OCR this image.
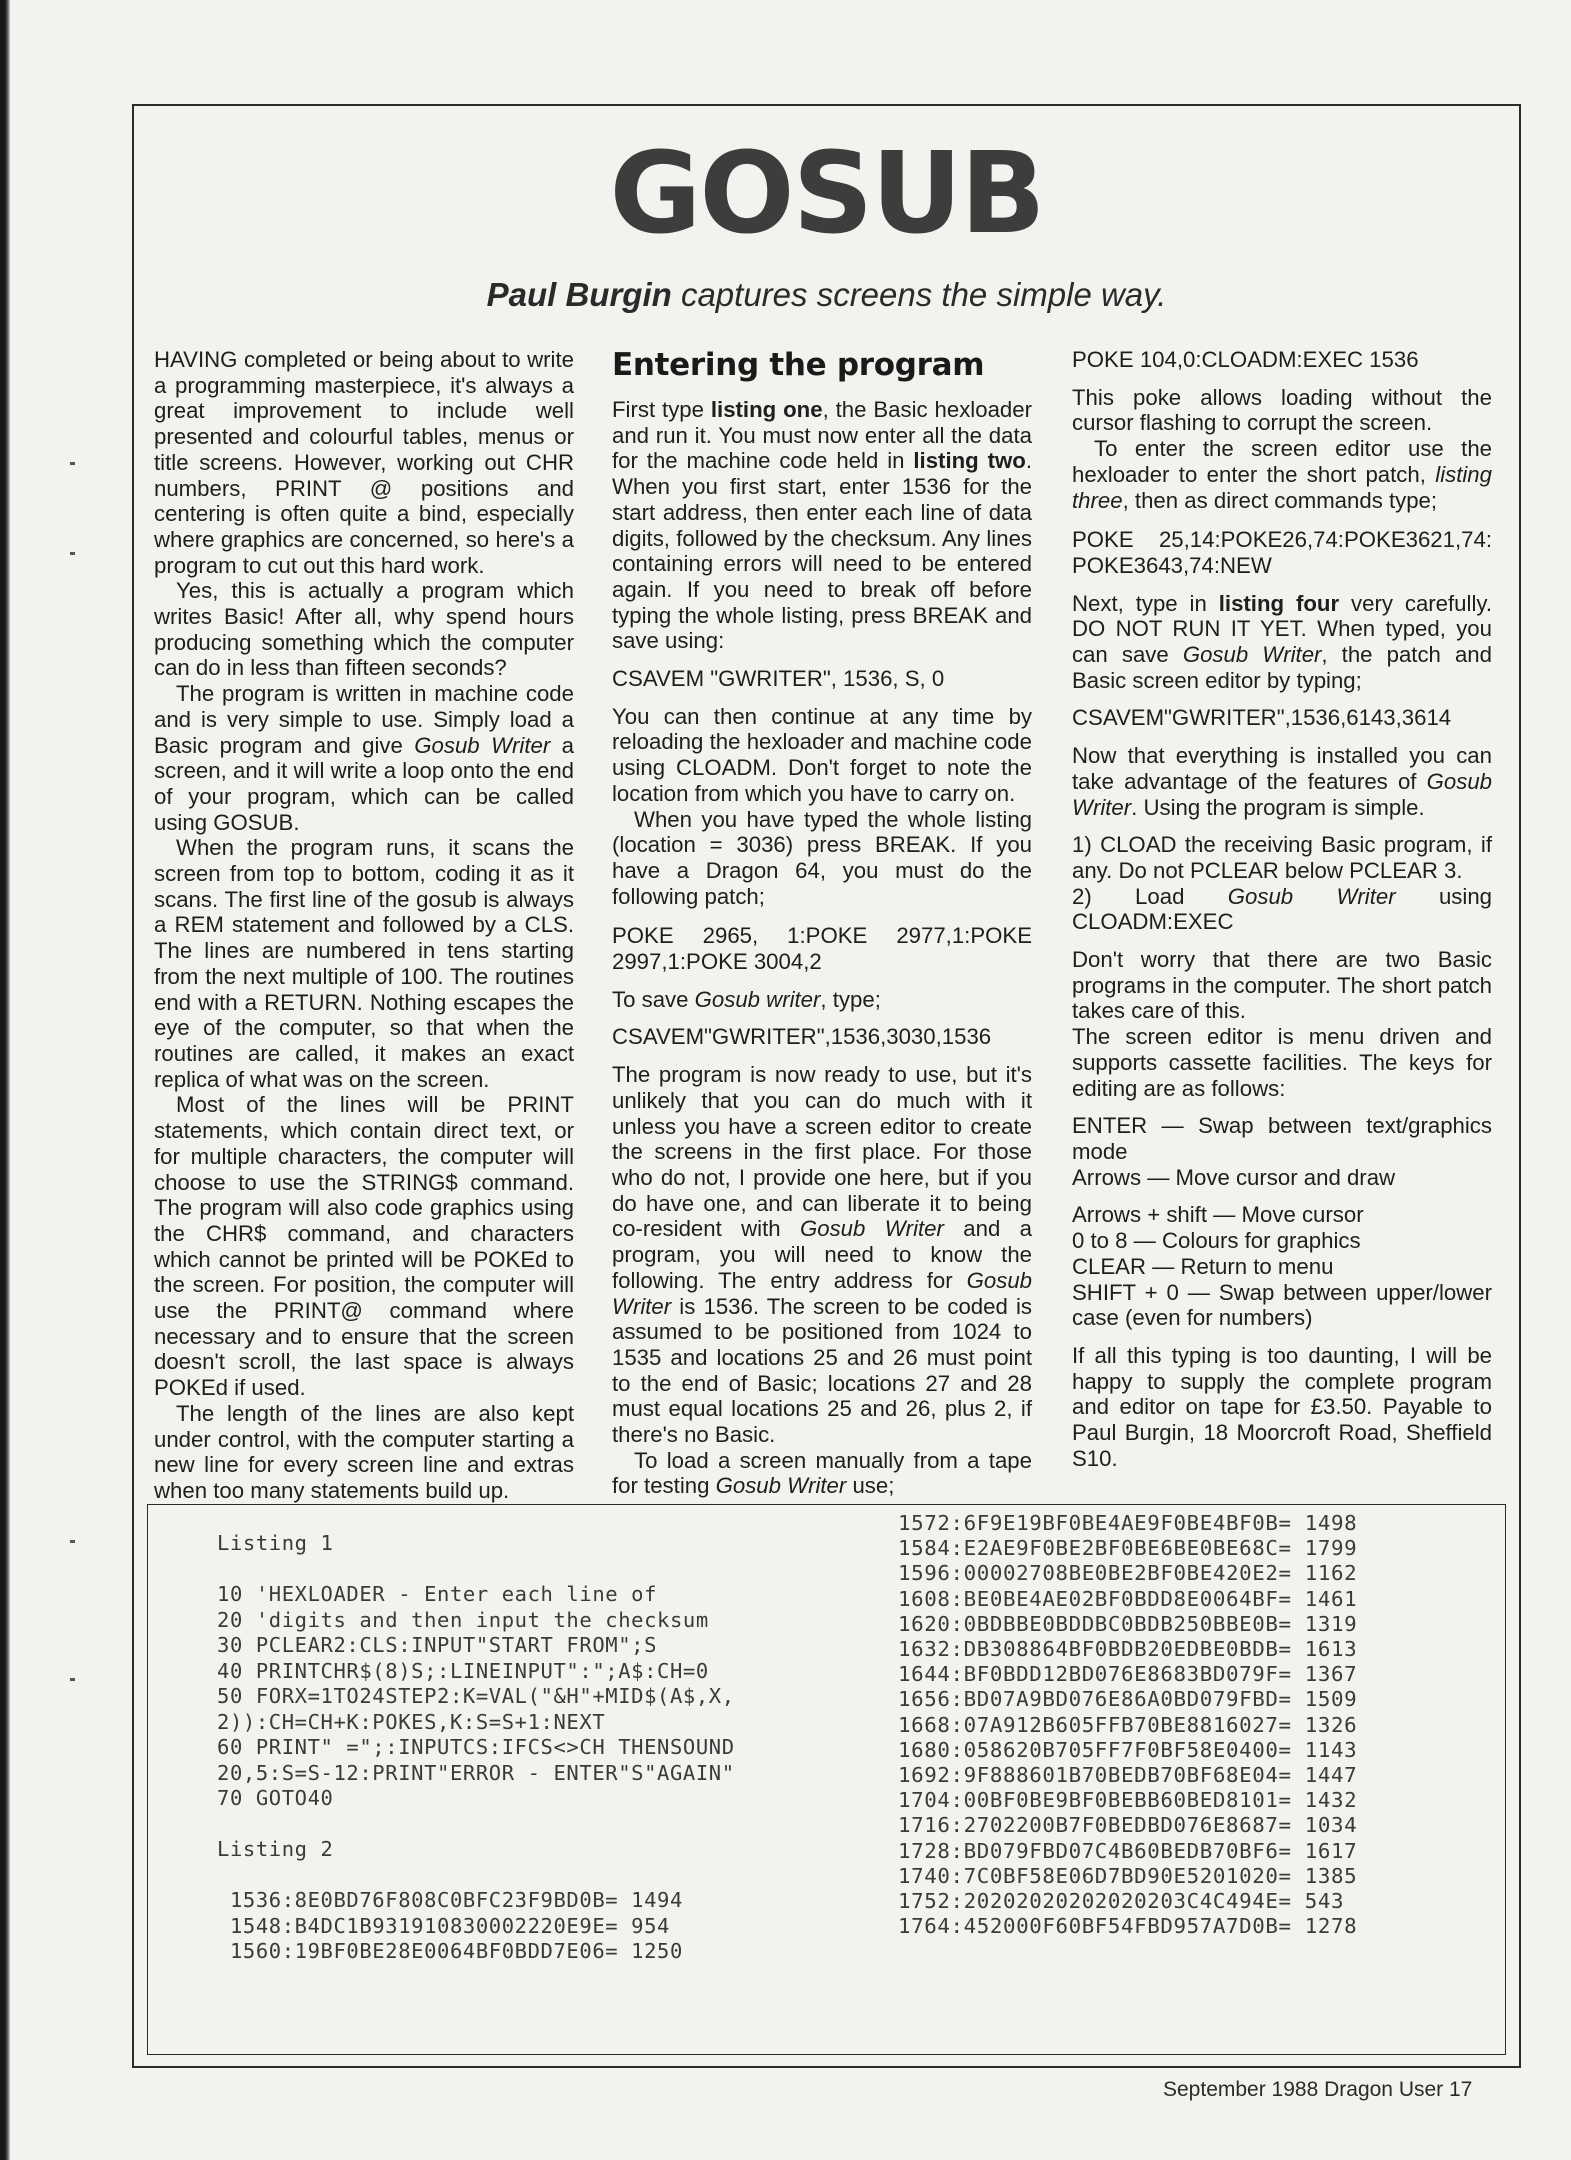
GOSUB
Paul Burgin captures screens the simple way.

HAVING completed or being about to write a programming masterpiece, it's always a great improvement to include well presented and colourful tables, menus or title screens. However, working out CHR numbers, PRINT @ positions and centering is often quite a bind, especially where graphics are concerned, so here's a program to cut out this hard work.

Yes, this is actually a program which writes Basic! After all, why spend hours producing something which the computer can do in less than fifteen seconds?

The program is written in machine code and is very simple to use. Simply load a Basic program and give Gosub Writer a screen, and it will write a loop onto the end of your program, which can be called using GOSUB.

When the program runs, it scans the screen from top to bottom, coding it as it scans. The first line of the gosub is always a REM statement and followed by a CLS. The lines are numbered in tens starting from the next multiple of 100. The routines end with a RETURN. Nothing escapes the eye of the computer, so that when the routines are called, it makes an exact replica of what was on the screen.

Most of the lines will be PRINT statements, which contain direct text, or for multiple characters, the computer will choose to use the STRING$ command. The program will also code graphics using the CHR$ command, and characters which cannot be printed will be POKEd to the screen. For position, the computer will use the PRINT@ command where necessary and to ensure that the screen doesn't scroll, the last space is always POKEd if used.

The length of the lines are also kept under control, with the computer starting a new line for every screen line and extras when too many statements build up.

Entering the program

First type listing one, the Basic hexloader and run it. You must now enter all the data for the machine code held in listing two. When you first start, enter 1536 for the start address, then enter each line of data digits, followed by the checksum. Any lines containing errors will need to be entered again. If you need to break off before typing the whole listing, press BREAK and save using:

CSAVEM "GWRITER", 1536, S, 0

You can then continue at any time by reloading the hexloader and machine code using CLOADM. Don't forget to note the location from which you have to carry on.

When you have typed the whole listing (location = 3036) press BREAK. If you have a Dragon 64, you must do the following patch;

POKE 2965, 1:POKE 2977,1:POKE 2997,1:POKE 3004,2

To save Gosub writer, type;

CSAVEM"GWRITER",1536,3030,1536

The program is now ready to use, but it's unlikely that you can do much with it unless you have a screen editor to create the screens in the first place. For those who do not, I provide one here, but if you do have one, and can liberate it to being co-resident with Gosub Writer and a program, you will need to know the following. The entry address for Gosub Writer is 1536. The screen to be coded is assumed to be positioned from 1024 to 1535 and locations 25 and 26 must point to the end of Basic; locations 27 and 28 must equal locations 25 and 26, plus 2, if there's no Basic.

To load a screen manually from a tape for testing Gosub Writer use;

POKE 104,0:CLOADM:EXEC 1536

This poke allows loading without the cursor flashing to corrupt the screen.

To enter the screen editor use the hexloader to enter the short patch, listing three, then as direct commands type;

POKE 25,14:POKE26,74:POKE3621,74: POKE3643,74:NEW

Next, type in listing four very carefully. DO NOT RUN IT YET. When typed, you can save Gosub Writer, the patch and Basic screen editor by typing;

CSAVEM"GWRITER",1536,6143,3614

Now that everything is installed you can take advantage of the features of Gosub Writer. Using the program is simple.

1) CLOAD the receiving Basic program, if any. Do not PCLEAR below PCLEAR 3.

2) Load Gosub Writer using CLOADM:EXEC

Don't worry that there are two Basic programs in the computer. The short patch takes care of this.

The screen editor is menu driven and supports cassette facilities. The keys for editing are as follows:

ENTER — Swap between text/graphics mode

Arrows — Move cursor and draw

Arrows + shift — Move cursor

0 to 8 — Colours for graphics

CLEAR — Return to menu

SHIFT + 0 — Swap between upper/lower case (even for numbers)

If all this typing is too daunting, I will be happy to supply the complete program and editor on tape for £3.50. Payable to Paul Burgin, 18 Moorcroft Road, Sheffield S10.

Listing 1

10 'HEXLOADER - Enter each line of
20 'digits and then input the checksum
30 PCLEAR2:CLS:INPUT"START FROM";S
40 PRINTCHR$(8)S;:LINEINPUT":";A$:CH=0
50 FORX=1TO24STEP2:K=VAL("&H"+MID$(A$,X,
2)):CH=CH+K:POKES,K:S=S+1:NEXT
60 PRINT" =";:INPUTCS:IFCS<>CH THENSOUND
20,5:S=S-12:PRINT"ERROR - ENTER"S"AGAIN"
70 GOTO40

Listing 2

1536:8E0BD76F808C0BFC23F9BD0B= 1494
1548:B4DC1B931910830002220E9E= 954
1560:19BF0BE28E0064BF0BDD7E06= 1250
1572:6F9E19BF0BE4AE9F0BE4BF0B= 1498
1584:E2AE9F0BE2BF0BE6BE0BE68C= 1799
1596:00002708BE0BE2BF0BE420E2= 1162
1608:BE0BE4AE02BF0BDD8E0064BF= 1461
1620:0BDBBE0BDDBC0BDB250BBE0B= 1319
1632:DB308864BF0BDB20EDBE0BDB= 1613
1644:BF0BDD12BD076E8683BD079F= 1367
1656:BD07A9BD076E86A0BD079FBD= 1509
1668:07A912B605FFB70BE8816027= 1326
1680:058620B705FF7F0BF58E0400= 1143
1692:9F888601B70BEDB70BF68E04= 1447
1704:00BF0BE9BF0BEBB60BED8101= 1432
1716:2702200B7F0BEDBD076E8687= 1034
1728:BD079FBD07C4B60BEDB70BF6= 1617
1740:7C0BF58E06D7BD90E5201020= 1385
1752:20202020202020203C4C494E= 543
1764:452000F60BF54FBD957A7D0B= 1278
September 1988 Dragon User 17
